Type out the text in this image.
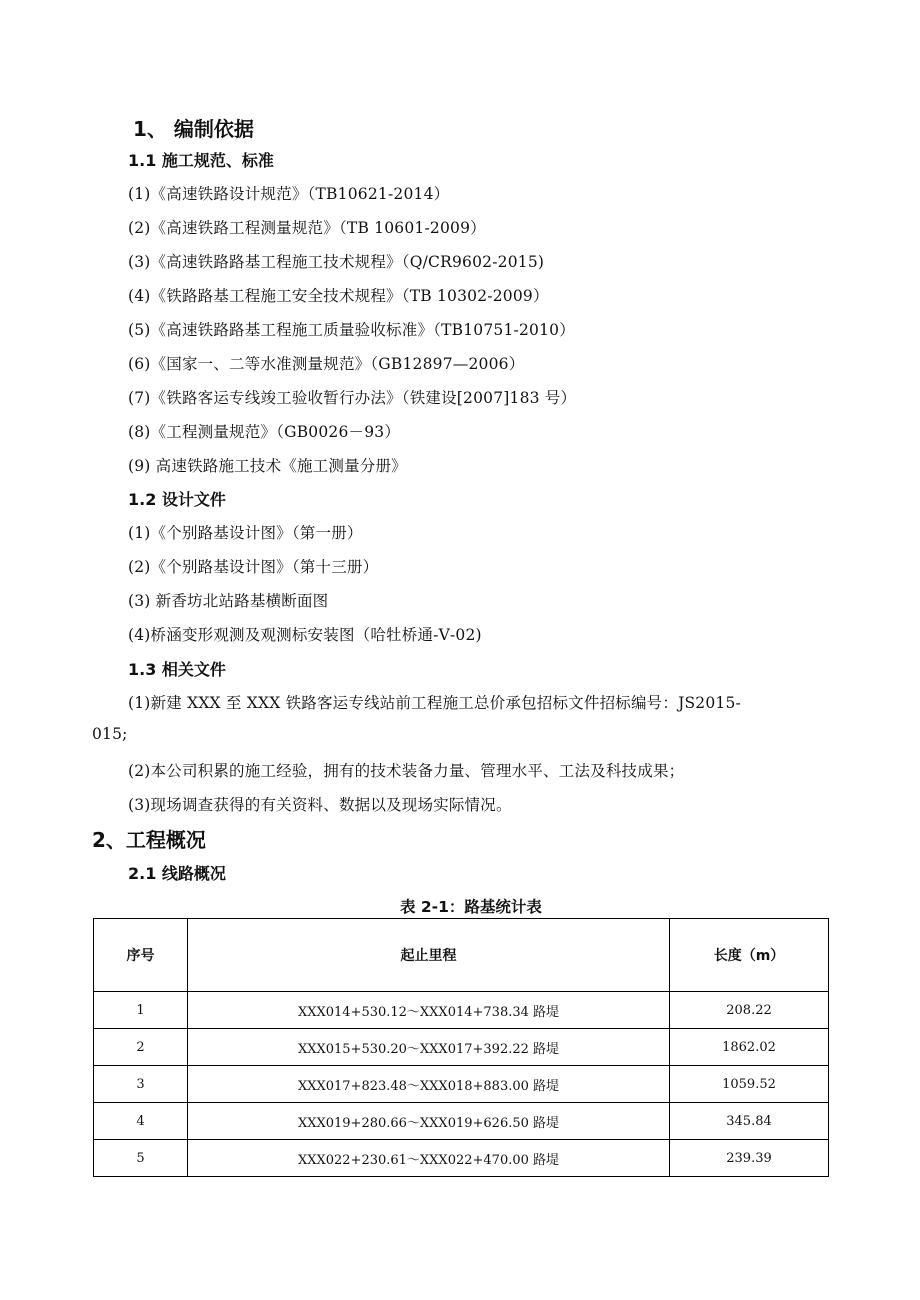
1、 编制依据
1.1 施工规范、标准
(1)《高速铁路设计规范》（TB10621-2014）
(2)《高速铁路工程测量规范》（TB 10601-2009）
(3)《高速铁路路基工程施工技术规程》（Q/CR9602-2015)
(4)《铁路路基工程施工安全技术规程》（TB 10302-2009）
(5)《高速铁路路基工程施工质量验收标准》（TB10751-2010）
(6)《国家一、二等水准测量规范》（GB12897—2006）
(7)《铁路客运专线竣工验收暂行办法》（铁建设[2007]183 号）
(8)《工程测量规范》（GB0026－93）
(9) 高速铁路施工技术《施工测量分册》
1.2 设计文件
(1)《个别路基设计图》（第一册）
(2)《个别路基设计图》（第十三册）
(3) 新香坊北站路基横断面图
(4)桥涵变形观测及观测标安装图（哈牡桥通-Ⅴ-02)
1.3 相关文件
(1)新建 XXX 至 XXX 铁路客运专线站前工程施工总价承包招标文件招标编号：JS2015-
015;
(2)本公司积累的施工经验，拥有的技术装备力量、管理水平、工法及科技成果；
(3)现场调查获得的有关资料、数据以及现场实际情况。
2、工程概况
2.1 线路概况
表 2-1：路基统计表
序号	起止里程	长度（m）
1	XXX014+530.12～XXX014+738.34 路堤	208.22
2	XXX015+530.20～XXX017+392.22 路堤	1862.02
3	XXX017+823.48～XXX018+883.00 路堤	1059.52
4	XXX019+280.66～XXX019+626.50 路堤	345.84
5	XXX022+230.61～XXX022+470.00 路堤	239.39
